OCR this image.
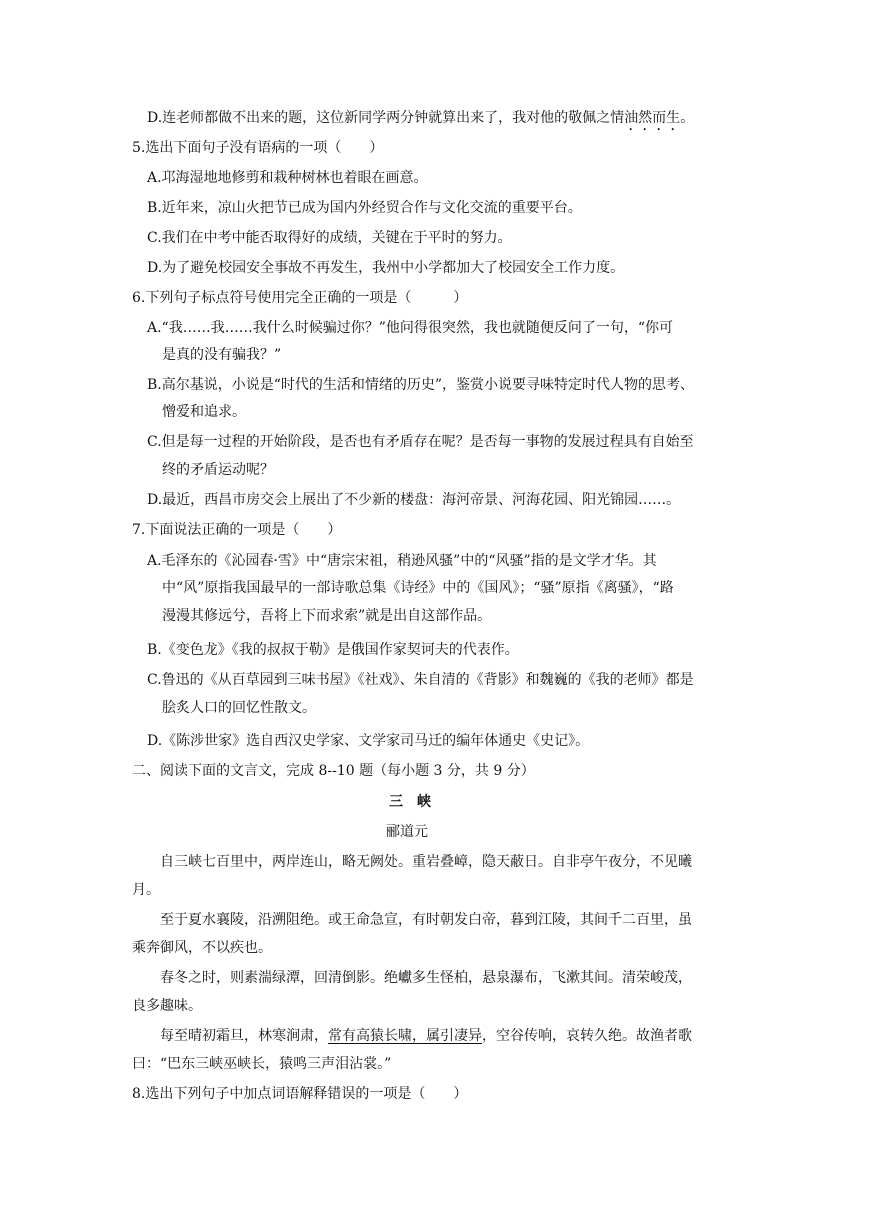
D.连老师都做不出来的题，这位新同学两分钟就算出来了，我对他的敬佩之情油然而生。
5.选出下面句子没有语病的一项（　　）
A.邛海湿地地修剪和栽种树林也着眼在画意。
B.近年来，凉山火把节已成为国内外经贸合作与文化交流的重要平台。
C.我们在中考中能否取得好的成绩，关键在于平时的努力。
D.为了避免校园安全事故不再发生，我州中小学都加大了校园安全工作力度。
6.下列句子标点符号使用完全正确的一项是（　　　）
A.“我……我……我什么时候骗过你？”他问得很突然，我也就随便反问了一句，“你可
是真的没有骗我？”
B.高尔基说，小说是“时代的生活和情绪的历史”，鉴赏小说要寻味特定时代人物的思考、
憎爱和追求。
C.但是每一过程的开始阶段，是否也有矛盾存在呢？是否每一事物的发展过程具有自始至
终的矛盾运动呢？
D.最近，西昌市房交会上展出了不少新的楼盘：海河帝景、河海花园、阳光锦园……。
7.下面说法正确的一项是（　　）
A.毛泽东的《沁园春·雪》中“唐宗宋祖，稍逊风骚”中的“风骚”指的是文学才华。其
中“风”原指我国最早的一部诗歌总集《诗经》中的《国风》；“骚”原指《离骚》，“路
漫漫其修远兮，吾将上下而求索”就是出自这部作品。
B.《变色龙》《我的叔叔于勒》是俄国作家契诃夫的代表作。
C.鲁迅的《从百草园到三味书屋》《社戏》、朱自清的《背影》和魏巍的《我的老师》都是
脍炙人口的回忆性散文。
D.《陈涉世家》选自西汉史学家、文学家司马迁的编年体通史《史记》。
二、阅读下面的文言文，完成 8--10 题（每小题 3 分，共 9 分）
三峡
郦道元
自三峡七百里中，两岸连山，略无阙处。重岩叠嶂，隐天蔽日。自非亭午夜分，不见曦
月。
至于夏水襄陵，沿溯阻绝。或王命急宣，有时朝发白帝，暮到江陵，其间千二百里，虽
乘奔御风，不以疾也。
春冬之时，则素湍绿潭，回清倒影。绝巘多生怪柏，悬泉瀑布，飞漱其间。清荣峻茂，
良多趣味。
每至晴初霜旦，林寒涧肃，常有高猿长啸，属引凄异，空谷传响，哀转久绝。故渔者歌
曰：“巴东三峡巫峡长，猿鸣三声泪沾裳。”
8.选出下列句子中加点词语解释错误的一项是（　　）
